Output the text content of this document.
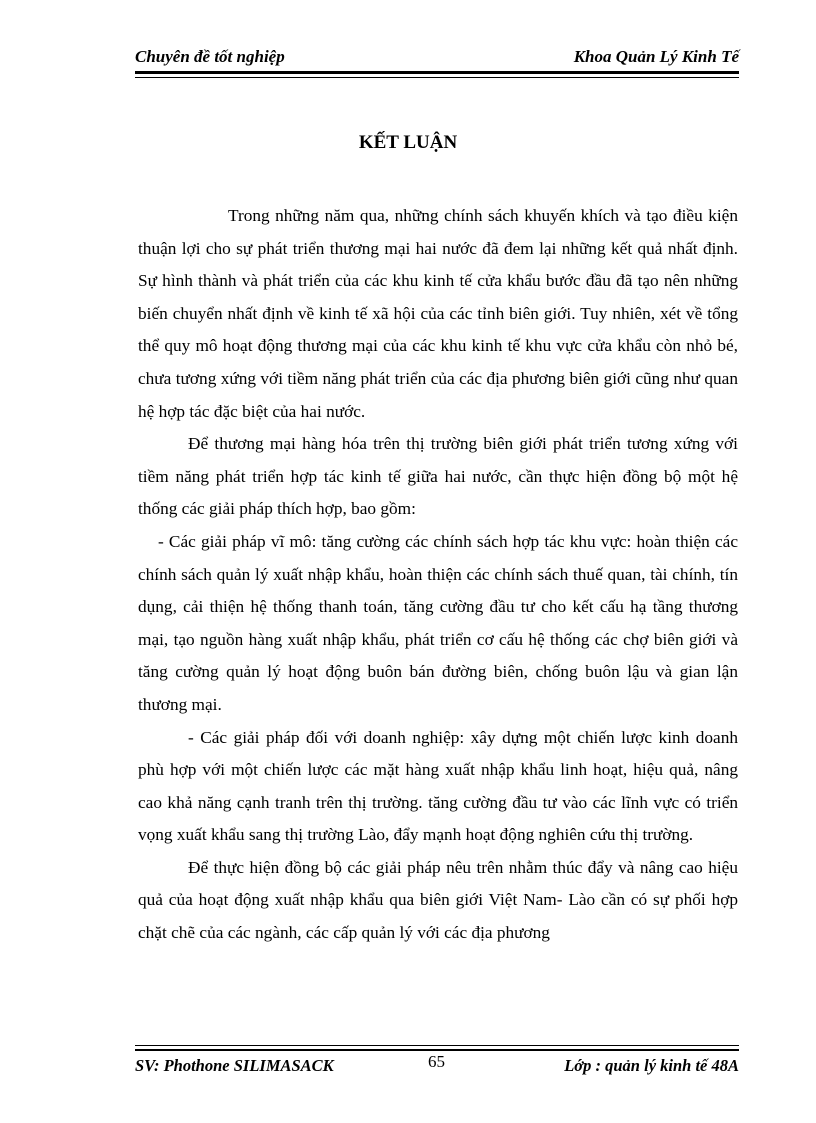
Chuyên đề tốt nghiệp	Khoa Quản Lý Kinh Tế
KẾT LUẬN

Trong những năm qua, những chính sách khuyến khích và tạo điều kiện thuận lợi cho sự phát triển thương mại hai nước đã đem lại những kết quả nhất định. Sự hình thành và phát triển của các khu kinh tế cửa khẩu bước đầu đã tạo nên những biến chuyển nhất định về kinh tế xã hội của các tỉnh biên giới. Tuy nhiên, xét về tổng thể quy mô hoạt động thương mại của các khu kinh tế khu vực cửa khẩu còn nhỏ bé, chưa tương xứng với tiềm năng phát triển của các địa phương biên giới cũng như quan hệ hợp tác đặc biệt của hai nước.

Để thương mại hàng hóa trên thị trường biên giới phát triển tương xứng với tiềm năng phát triển hợp tác kinh tế giữa hai nước, cần thực hiện đồng bộ một hệ thống các giải pháp thích hợp, bao gồm:

- Các giải pháp vĩ mô: tăng cường các chính sách hợp tác khu vực: hoàn thiện các chính sách quản lý xuất nhập khẩu, hoàn thiện các chính sách thuế quan, tài chính, tín dụng, cải thiện hệ thống thanh toán, tăng cường đầu tư cho kết cấu hạ tầng thương mại, tạo nguồn hàng xuất nhập khẩu, phát triển cơ cấu hệ thống các chợ biên giới và tăng cường quản lý hoạt động buôn bán đường biên, chống buôn lậu và gian lận thương mại.

- Các giải pháp đối với doanh nghiệp: xây dựng một chiến lược kinh doanh phù hợp với một chiến lược các mặt hàng xuất nhập khẩu linh hoạt, hiệu quả, nâng cao khả năng cạnh tranh trên thị trường. tăng cường đầu tư vào các lĩnh vực có triển vọng xuất khẩu sang thị trường Lào, đẩy mạnh hoạt động nghiên cứu thị trường.

Để thực hiện đồng bộ các giải pháp nêu trên nhằm thúc đẩy và nâng cao hiệu quả của hoạt động xuất nhập khẩu qua biên giới Việt Nam- Lào cần có sự phối hợp chặt chẽ của các ngành, các cấp quản lý với các địa phương

SV: Phothone SILIMASACK	65	Lớp : quản lý kinh tế 48A
